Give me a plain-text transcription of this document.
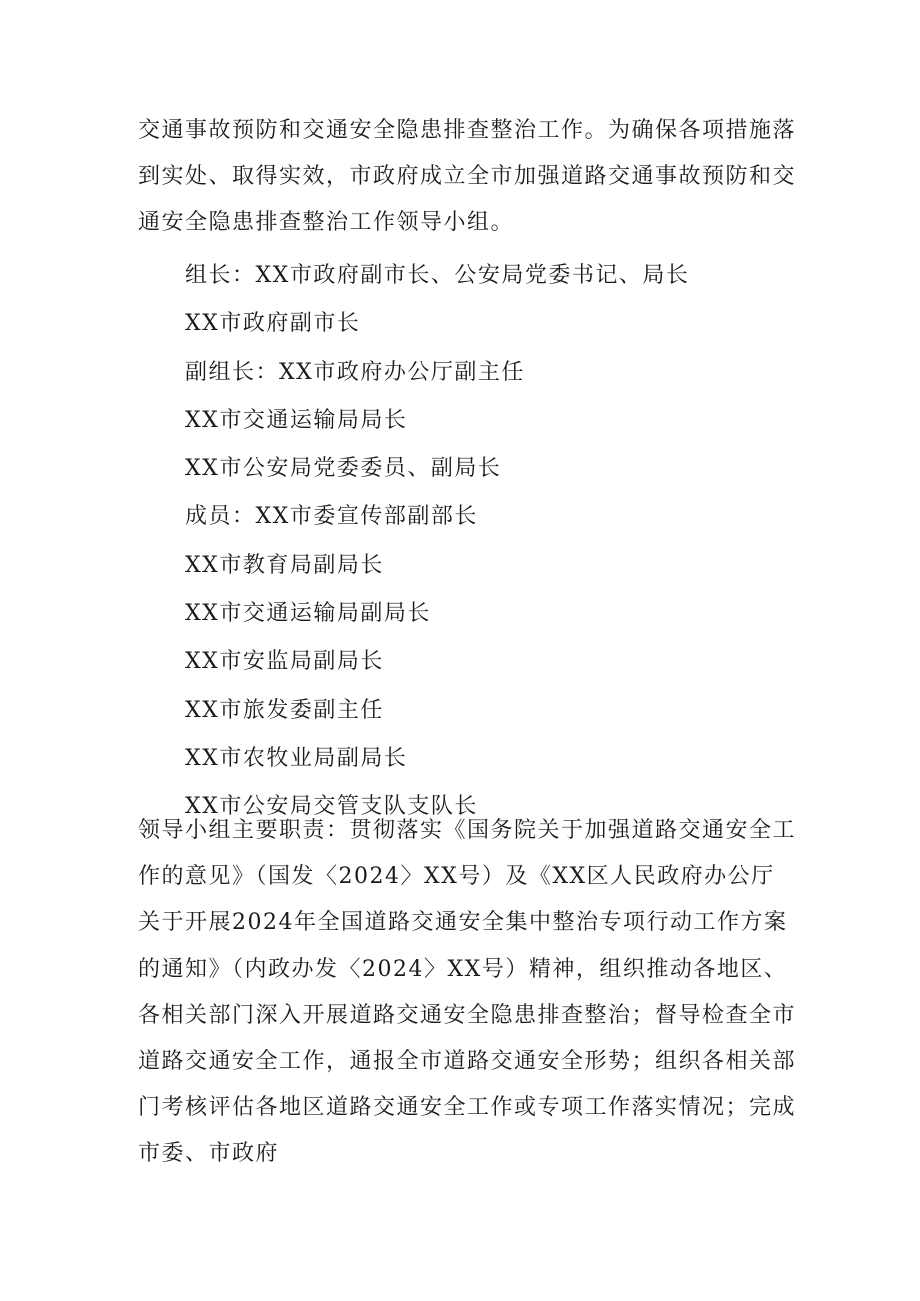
交通事故预防和交通安全隐患排查整治工作。为确保各项措施落到实处、取得实效，市政府成立全市加强道路交通事故预防和交通安全隐患排查整治工作领导小组。

组长：XX市政府副市长、公安局党委书记、局长
XX市政府副市长
副组长：XX市政府办公厅副主任
XX市交通运输局局长
XX市公安局党委委员、副局长
成员：XX市委宣传部副部长
XX市教育局副局长
XX市交通运输局副局长
XX市安监局副局长
XX市旅发委副主任
XX市农牧业局副局长
XX市公安局交管支队支队长

领导小组主要职责：贯彻落实《国务院关于加强道路交通安全工作的意见》（国发〈2024〉XX号）及《XX区人民政府办公厅关于开展2024年全国道路交通安全集中整治专项行动工作方案的通知》（内政办发〈2024〉XX号）精神，组织推动各地区、各相关部门深入开展道路交通安全隐患排查整治；督导检查全市道路交通安全工作，通报全市道路交通安全形势；组织各相关部门考核评估各地区道路交通安全工作或专项工作落实情况；完成市委、市政府
